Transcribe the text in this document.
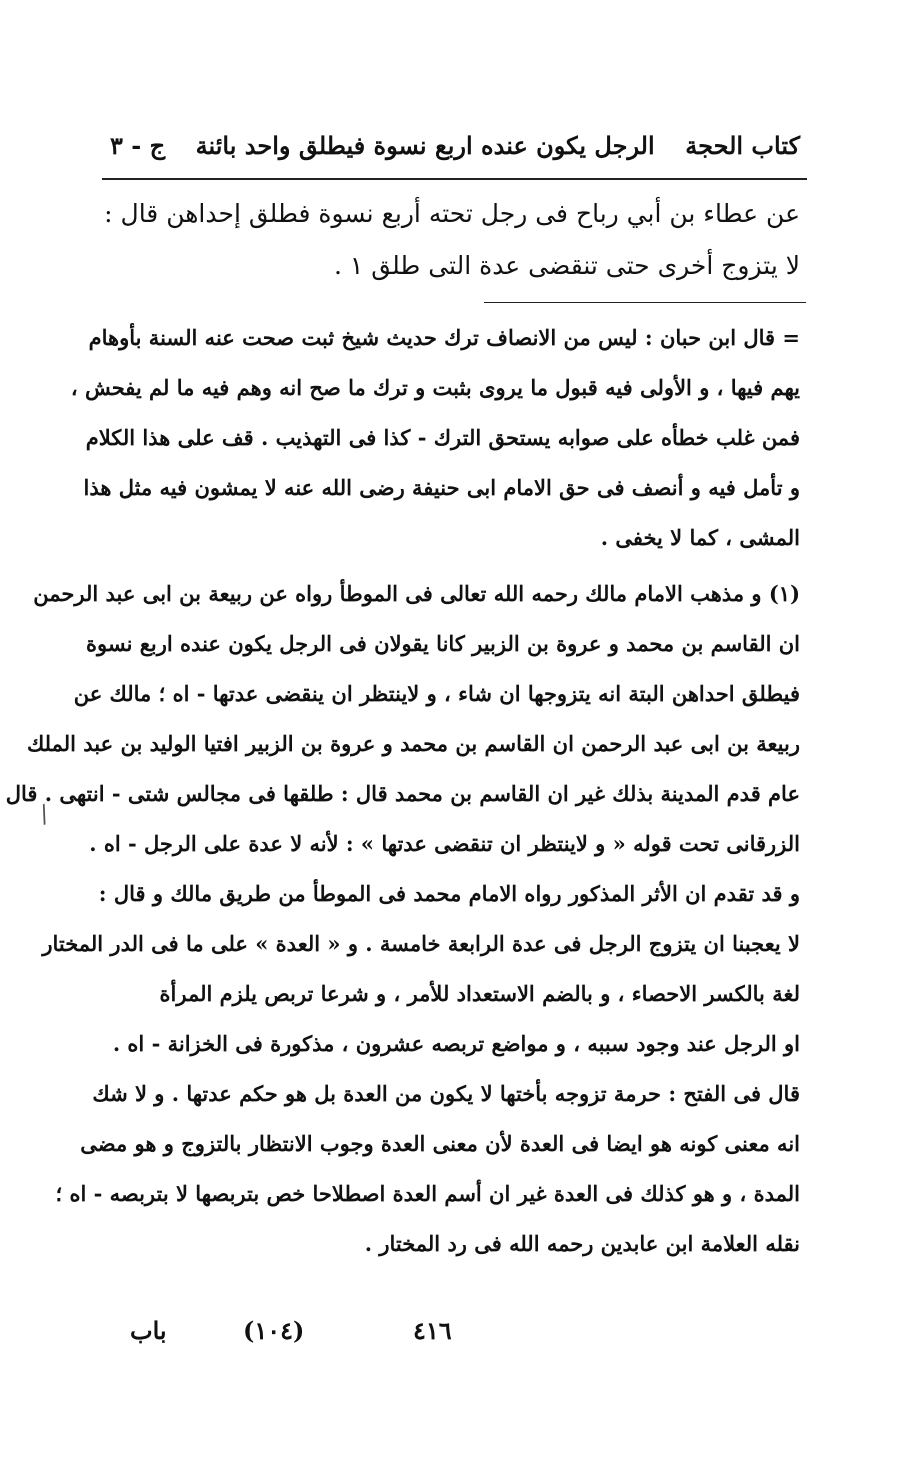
كتاب الحجة
الرجل يكون عنده اربع نسوة فيطلق واحد بائنة
ج - ٣
عن عطاء بن أبي رباح فى رجل تحته أربع نسوة فطلق إحداهن قال :
لا يتزوج أخرى حتى تنقضى عدة التى طلق ١ .
= قال ابن حبان : ليس من الانصاف ترك حديث شيخ ثبت صحت عنه السنة بأوهام
يهم فيها ، و الأولى فيه قبول ما يروى بثبت و ترك ما صح انه وهم فيه ما لم يفحش ،
فمن غلب خطأه على صوابه يستحق الترك - كذا فى التهذيب . قف على هذا الكلام
و تأمل فيه و أنصف فى حق الامام ابى حنيفة رضى الله عنه لا يمشون فيه مثل هذا
المشى ، كما لا يخفى .
(١) و مذهب الامام مالك رحمه الله تعالى فى الموطأ رواه عن ربيعة بن ابى عبد الرحمن
ان القاسم بن محمد و عروة بن الزبير كانا يقولان فى الرجل يكون عنده اربع نسوة
فيطلق احداهن البتة انه يتزوجها ان شاء ، و لاينتظر ان ينقضى عدتها - اه ؛ مالك عن
ربيعة بن ابى عبد الرحمن ان القاسم بن محمد و عروة بن الزبير افتيا الوليد بن عبد الملك
عام قدم المدينة بذلك غير ان القاسم بن محمد قال : طلقها فى مجالس شتى - انتهى . قال
الزرقانى تحت قوله « و لاينتظر ان تنقضى عدتها » : لأنه لا عدة على الرجل - اه .
و قد تقدم ان الأثر المذكور رواه الامام محمد فى الموطأ من طريق مالك و قال :
لا يعجبنا ان يتزوج الرجل فى عدة الرابعة خامسة . و « العدة » على ما فى الدر المختار
لغة بالكسر الاحصاء ، و بالضم الاستعداد للأمر ، و شرعا تربص يلزم المرأة
او الرجل عند وجود سببه ، و مواضع تربصه عشرون ، مذكورة فى الخزانة - اه .
قال فى الفتح : حرمة تزوجه بأختها لا يكون من العدة بل هو حكم عدتها . و لا شك
انه معنى كونه هو ايضا فى العدة لأن معنى العدة وجوب الانتظار بالتزوج و هو مضى
المدة ، و هو كذلك فى العدة غير ان أسم العدة اصطلاحا خص بتربصها لا بتربصه - اه ؛
نقله العلامة ابن عابدين رحمه الله فى رد المختار .
/
٤١٦
(١٠٤)
باب
